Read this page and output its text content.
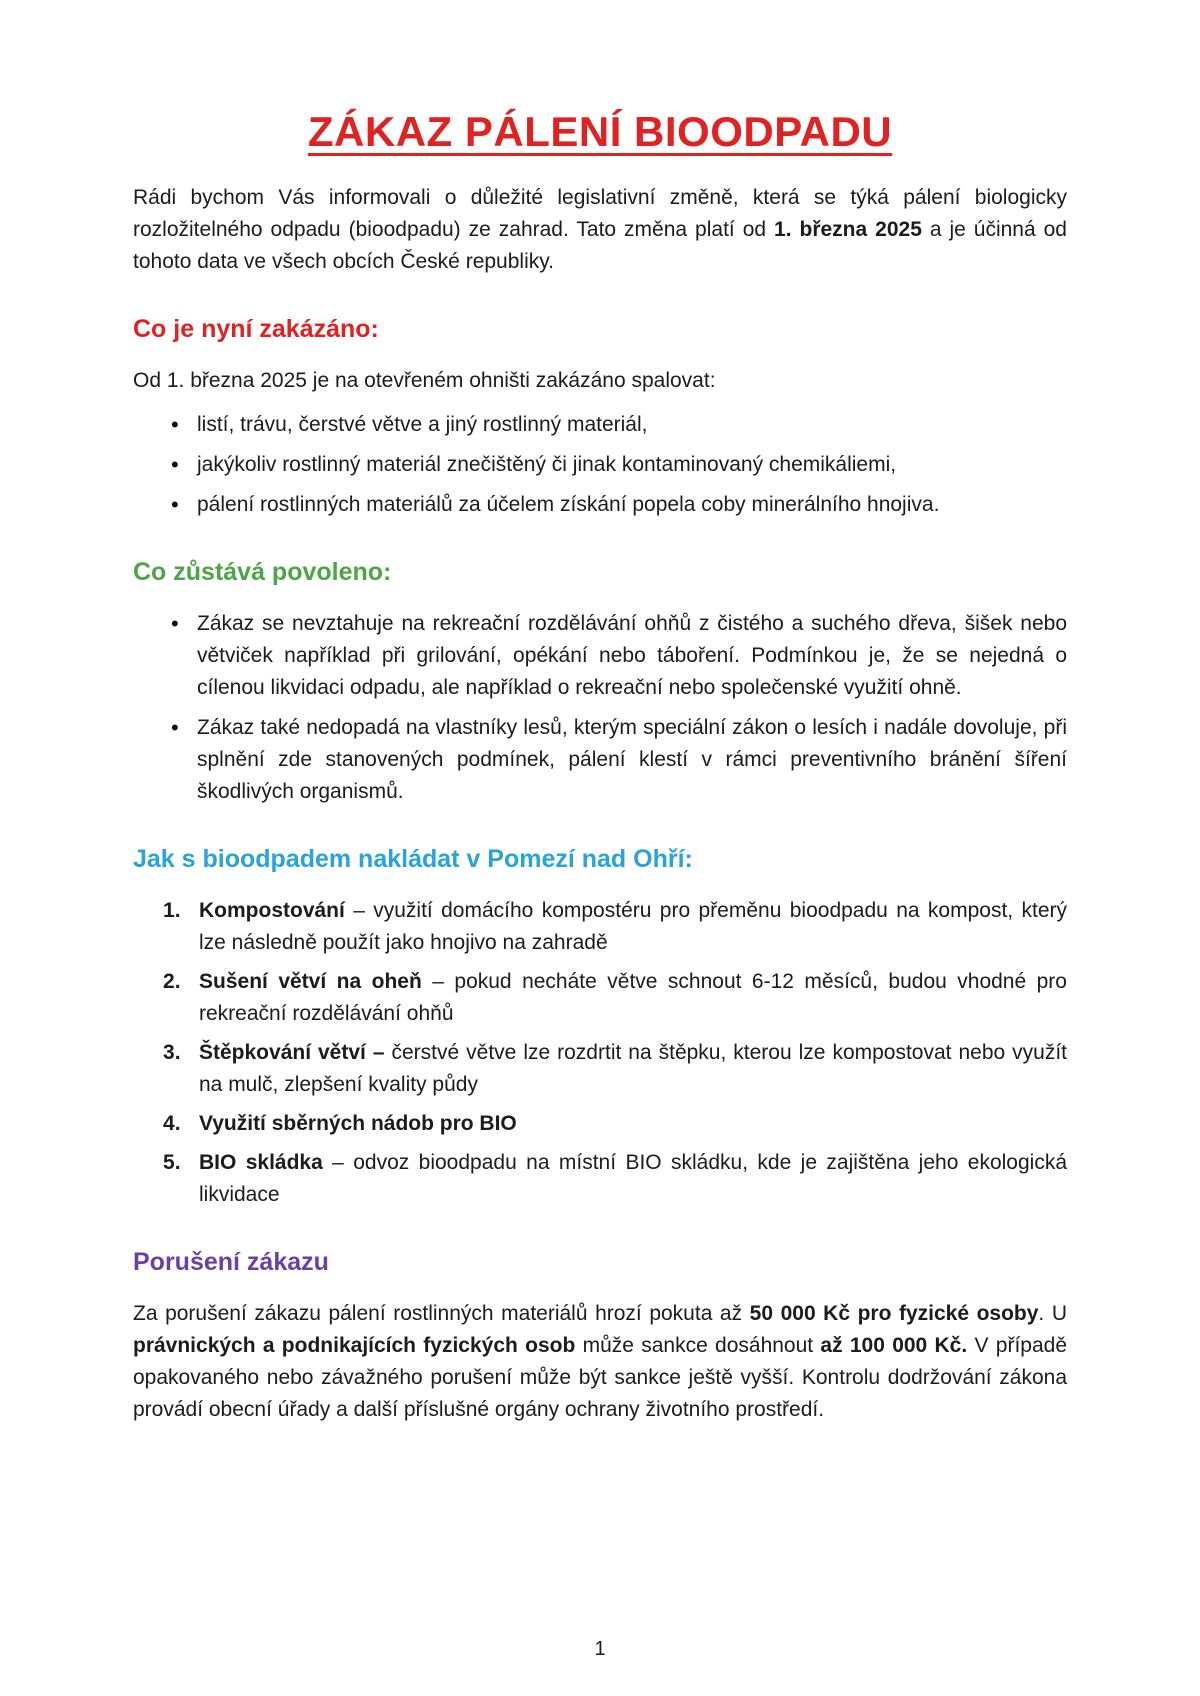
ZÁKAZ PÁLENÍ BIOODPADU

Rádi bychom Vás informovali o důležité legislativní změně, která se týká pálení biologicky rozložitelného odpadu (bioodpadu) ze zahrad. Tato změna platí od 1. března 2025 a je účinná od tohoto data ve všech obcích České republiky.

Co je nyní zakázáno:

Od 1. března 2025 je na otevřeném ohništi zakázáno spalovat:

• listí, trávu, čerstvé větve a jiný rostlinný materiál,
• jakýkoliv rostlinný materiál znečištěný či jinak kontaminovaný chemikáliemi,
• pálení rostlinných materiálů za účelem získání popela coby minerálního hnojiva.
Co zůstává povoleno:
• Zákaz se nevztahuje na rekreační rozdělávání ohňů z čistého a suchého dřeva, šišek nebo větviček například při grilování, opékání nebo táboření. Podmínkou je, že se nejedná o cílenou likvidaci odpadu, ale například o rekreační nebo společenské využití ohně.
• Zákaz také nedopadá na vlastníky lesů, kterým speciální zákon o lesích i nadále dovoluje, při splnění zde stanovených podmínek, pálení klestí v rámci preventivního bránění šíření škodlivých organismů.
Jak s bioodpadem nakládat v Pomezí nad Ohří:
Kompostování – využití domácího kompostéru pro přeměnu bioodpadu na kompost, který lze následně použít jako hnojivo na zahradě
Sušení větví na oheň – pokud necháte větve schnout 6-12 měsíců, budou vhodné pro rekreační rozdělávání ohňů
Štěpkování větví – čerstvé větve lze rozdrtit na štěpku, kterou lze kompostovat nebo využít na mulč, zlepšení kvality půdy
Využití sběrných nádob pro BIO
BIO skládka – odvoz bioodpadu na místní BIO skládku, kde je zajištěna jeho ekologická likvidace
Porušení zákazu

Za porušení zákazu pálení rostlinných materiálů hrozí pokuta až 50 000 Kč pro fyzické osoby. U právnických a podnikajících fyzických osob může sankce dosáhnout až 100 000 Kč. V případě opakovaného nebo závažného porušení může být sankce ještě vyšší. Kontrolu dodržování zákona provádí obecní úřady a další příslušné orgány ochrany životního prostředí.

1
